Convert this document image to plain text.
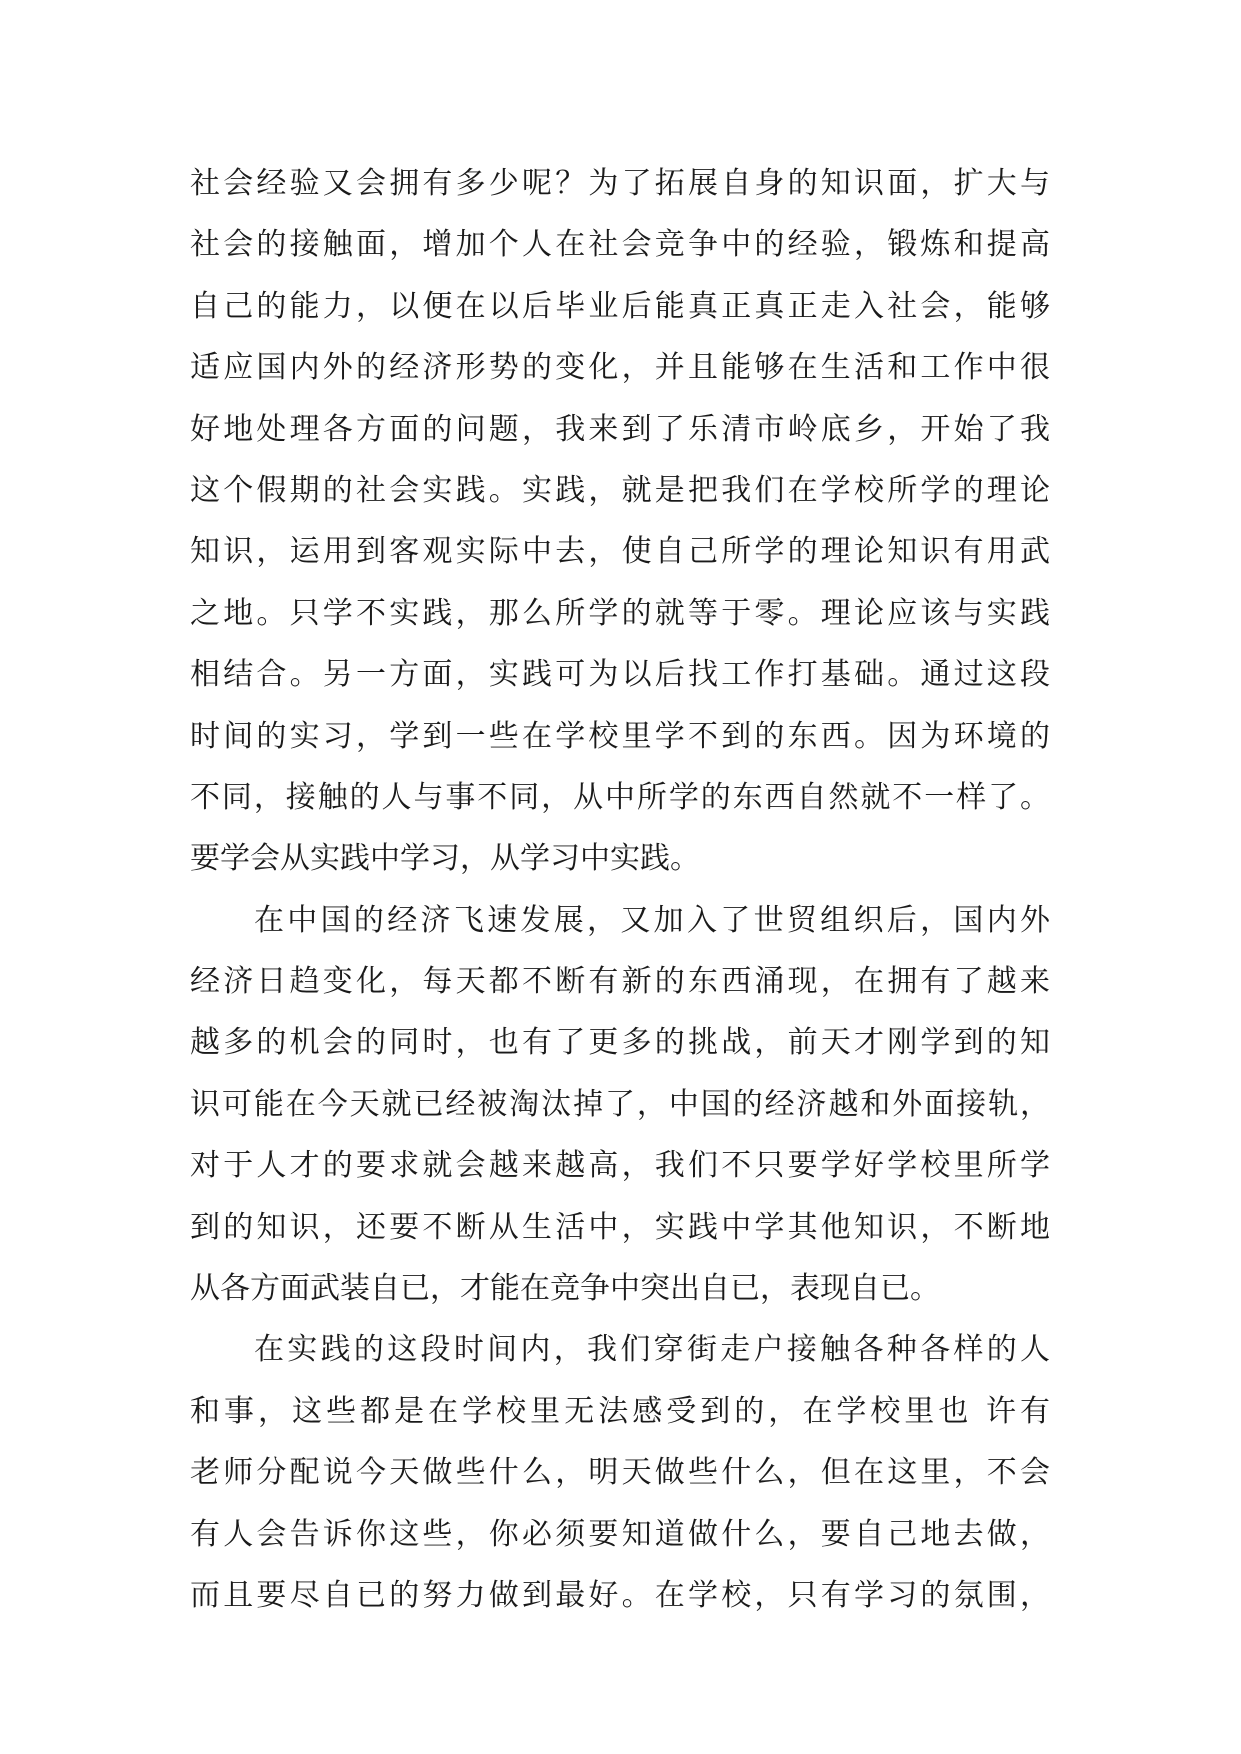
社会经验又会拥有多少呢？为了拓展自身的知识面，扩大与
社会的接触面，增加个人在社会竞争中的经验，锻炼和提高
自己的能力，以便在以后毕业后能真正真正走入社会，能够
适应国内外的经济形势的变化，并且能够在生活和工作中很
好地处理各方面的问题，我来到了乐清市岭底乡，开始了我
这个假期的社会实践。实践，就是把我们在学校所学的理论
知识，运用到客观实际中去，使自己所学的理论知识有用武
之地。只学不实践，那么所学的就等于零。理论应该与实践
相结合。另一方面，实践可为以后找工作打基础。通过这段
时间的实习，学到一些在学校里学不到的东西。因为环境的
不同，接触的人与事不同，从中所学的东西自然就不一样了。
要学会从实践中学习，从学习中实践。
在中国的经济飞速发展，又加入了世贸组织后，国内外
经济日趋变化，每天都不断有新的东西涌现，在拥有了越来
越多的机会的同时，也有了更多的挑战，前天才刚学到的知
识可能在今天就已经被淘汰掉了，中国的经济越和外面接轨，
对于人才的要求就会越来越高，我们不只要学好学校里所学
到的知识，还要不断从生活中，实践中学其他知识，不断地
从各方面武装自已，才能在竞争中突出自已，表现自已。
在实践的这段时间内，我们穿街走户接触各种各样的人
和事，这些都是在学校里无法感受到的，在学校里也 许有
老师分配说今天做些什么，明天做些什么，但在这里，不会
有人会告诉你这些，你必须要知道做什么，要自己地去做，
而且要尽自已的努力做到最好。在学校，只有学习的氛围，
